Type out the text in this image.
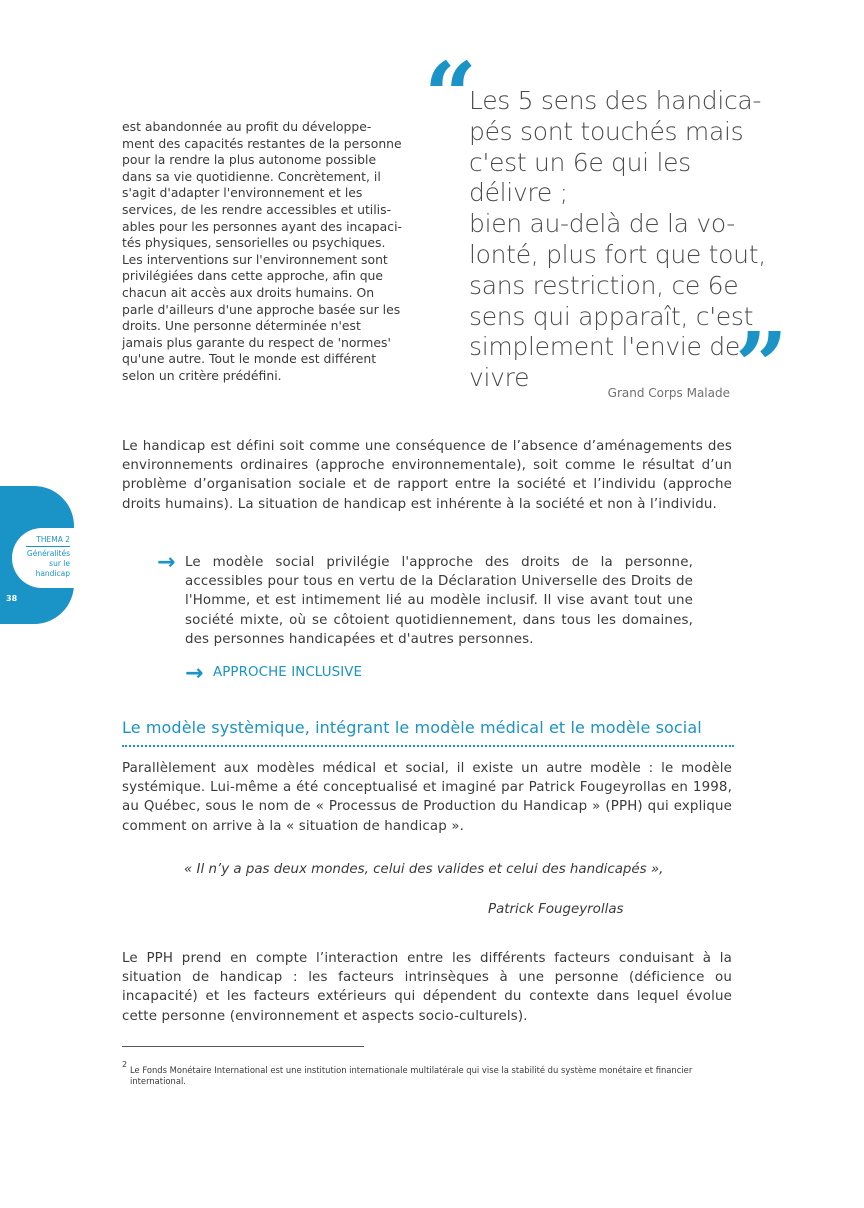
est abandonnée au profit du développe-
ment des capacités restantes de la personne
pour la rendre la plus autonome possible
dans sa vie quotidienne. Concrètement, il
s'agit d'adapter l'environnement et les
services, de les rendre accessibles et utilis-
ables pour les personnes ayant des incapaci-
tés physiques, sensorielles ou psychiques.
Les interventions sur l'environnement sont
privilégiées dans cette approche, afin que
chacun ait accès aux droits humains. On
parle d'ailleurs d'une approche basée sur les
droits. Une personne déterminée n'est
jamais plus garante du respect de 'normes'
qu'une autre. Tout le monde est différent
selon un critère prédéfini.
“
Les 5 sens des handica-
pés sont touchés mais
c'est un 6e qui les délivre ;
bien au-delà de la vo-
lonté, plus fort que tout,
sans restriction, ce 6e
sens qui apparaît, c'est
simplement l'envie de
vivre	”
Grand Corps Malade
Le handicap est défini soit comme une conséquence de l’absence d’aménagements des environnements ordinaires (approche environnementale), soit comme le résultat d’un problème d’organisation sociale et de rapport entre la société et l’individu (approche droits humains). La situation de handicap est inhérente à la société et non à l’individu.
THEMA 2
Généralités
sur le
handicap
38
→ Le modèle social privilégie l'approche des droits de la personne, accessibles pour tous en vertu de la Déclaration Universelle des Droits de l'Homme, et est intimement lié au modèle inclusif. Il vise avant tout une société mixte, où se côtoient quotidiennement, dans tous les domaines, des personnes handicapées et d'autres personnes.
→ APPROCHE INCLUSIVE
Le modèle systèmique, intégrant le modèle médical et le modèle social
Parallèlement aux modèles médical et social, il existe un autre modèle : le modèle systémique. Lui-même a été conceptualisé et imaginé par Patrick Fougeyrollas en 1998, au Québec, sous le nom de « Processus de Production du Handicap » (PPH) qui explique comment on arrive à la « situation de handicap ».
« Il n’y a pas deux mondes, celui des valides et celui des handicapés »,
Patrick Fougeyrollas
Le PPH prend en compte l’interaction entre les différents facteurs conduisant à la situation de handicap : les facteurs intrinsèques à une personne (déficience ou incapacité) et les facteurs extérieurs qui dépendent du contexte dans lequel évolue cette personne (environnement et aspects socio-culturels).
2
Le Fonds Monétaire International est une institution internationale multilatérale qui vise la stabilité du système monétaire et financier international.
